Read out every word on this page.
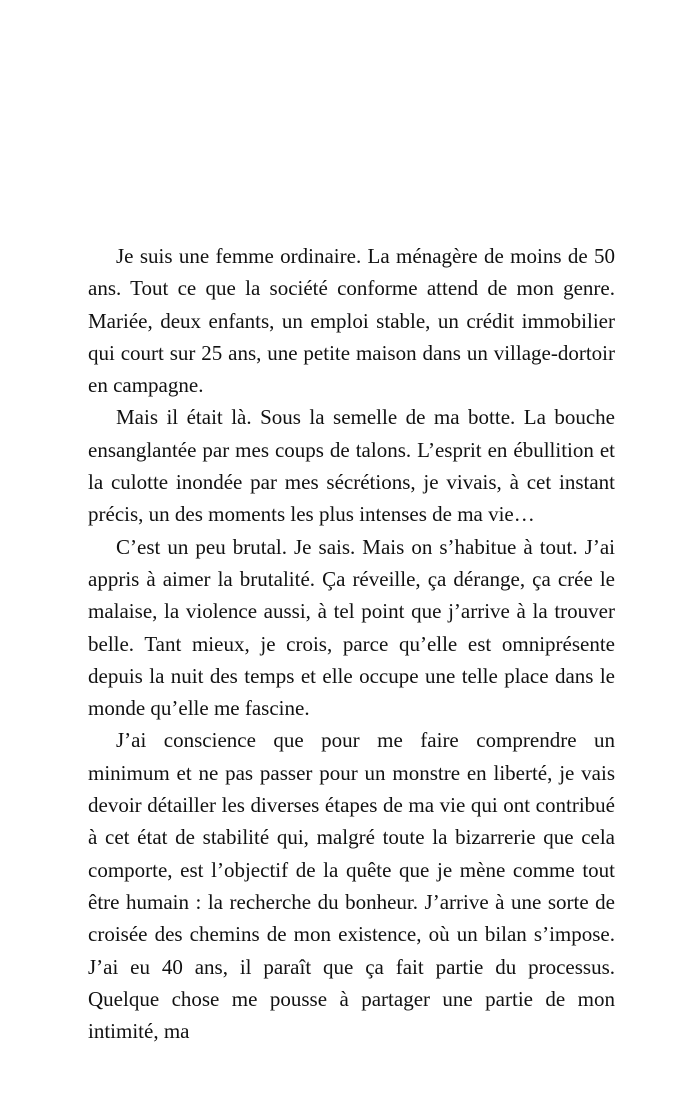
Je suis une femme ordinaire. La ménagère de moins de 50 ans. Tout ce que la société conforme attend de mon genre. Mariée, deux enfants, un emploi stable, un crédit immobilier qui court sur 25 ans, une petite maison dans un village-dortoir en campagne.

Mais il était là. Sous la semelle de ma botte. La bouche ensanglantée par mes coups de talons. L’esprit en ébullition et la culotte inondée par mes sécrétions, je vivais, à cet instant précis, un des moments les plus intenses de ma vie…

C’est un peu brutal. Je sais. Mais on s’habitue à tout. J’ai appris à aimer la brutalité. Ça réveille, ça dérange, ça crée le malaise, la violence aussi, à tel point que j’arrive à la trouver belle. Tant mieux, je crois, parce qu’elle est omniprésente depuis la nuit des temps et elle occupe une telle place dans le monde qu’elle me fascine.

J’ai conscience que pour me faire comprendre un minimum et ne pas passer pour un monstre en liberté, je vais devoir détailler les diverses étapes de ma vie qui ont contribué à cet état de stabilité qui, malgré toute la bizarrerie que cela comporte, est l’objectif de la quête que je mène comme tout être humain : la recherche du bonheur. J’arrive à une sorte de croisée des chemins de mon existence, où un bilan s’impose. J’ai eu 40 ans, il paraît que ça fait partie du processus. Quelque chose me pousse à partager une partie de mon intimité, ma
